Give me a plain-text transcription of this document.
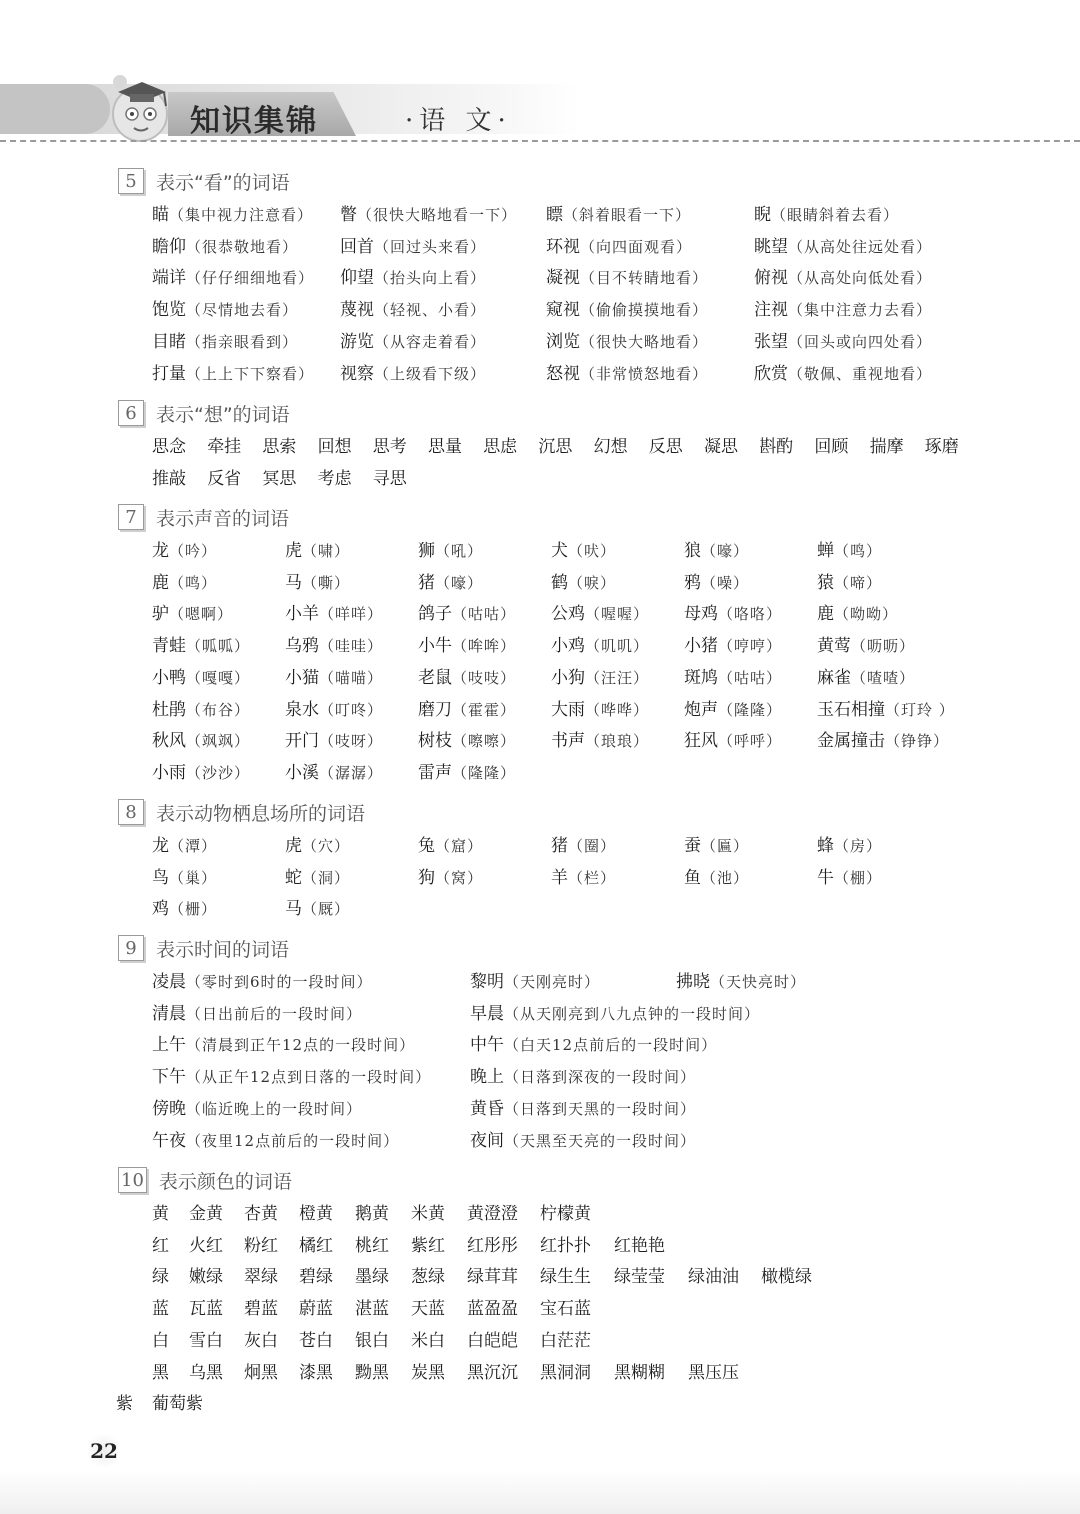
知识集锦	·语 文·
5	表示“看”的词语
瞄（集中视力注意看） 瞥（很快大略地看一下） 瞟（斜着眼看一下）	睨（眼睛斜着去看）
瞻仰（很恭敬地看） 回首（回过头来看）	环视（向四面观看）	眺望（从高处往远处看）
端详（仔仔细细地看） 仰望（抬头向上看）	凝视（目不转睛地看）	俯视（从高处向低处看）
饱览（尽情地去看） 蔑视（轻视、小看）	窥视（偷偷摸摸地看）	注视（集中注意力去看）
目睹（指亲眼看到） 游览（从容走着看）	浏览（很快大略地看）	张望（回头或向四处看）
打量（上上下下察看） 视察（上级看下级）	怒视（非常愤怒地看）	欣赏（敬佩、重视地看）
6	表示“想”的词语
思念 牵挂 思索 回想 思考 思量 思虑 沉思 幻想 反思 凝思 斟酌 回顾 揣摩 琢磨
推敲 反省 冥思 考虑 寻思
7	表示声音的词语
龙（吟）	虎（啸）	狮（吼）	犬（吠）	狼（嚎）	蝉（鸣）
鹿（鸣）	马（嘶）	猪（嚎）	鹤（唳）	鸦（噪）	猿（啼）
驴（嗯啊）	小羊（咩咩） 鸽子（咕咕） 公鸡（喔喔） 母鸡（咯咯） 鹿（呦呦）
青蛙（呱呱） 乌鸦（哇哇） 小牛（哞哞） 小鸡（叽叽） 小猪（哼哼） 黄莺（呖呖）
小鸭（嘎嘎） 小猫（喵喵） 老鼠（吱吱） 小狗（汪汪） 斑鸠（咕咕） 麻雀（喳喳）
杜鹃（布谷） 泉水（叮咚） 磨刀（霍霍） 大雨（哗哗） 炮声（隆隆） 玉石相撞（玎玲 ）
秋风（飒飒） 开门（吱呀） 树枝（嚓嚓） 书声（琅琅） 狂风（呼呼） 金属撞击（铮铮）
小雨（沙沙） 小溪（潺潺） 雷声（隆隆）
8	表示动物栖息场所的词语
龙（潭）	虎（穴）	兔（窟）	猪（圈）	蚕（匾）	蜂（房）
鸟（巢）	蛇（洞）	狗（窝）	羊（栏）	鱼（池）	牛（棚）
鸡（栅）	马（厩）
9	表示时间的词语
凌晨（零时到6时的一段时间）	黎明（天刚亮时）	拂晓（天快亮时）
清晨（日出前后的一段时间）	早晨（从天刚亮到八九点钟的一段时间）
上午（清晨到正午12点的一段时间）	中午（白天12点前后的一段时间）
下午（从正午12点到日落的一段时间） 晚上（日落到深夜的一段时间）
傍晚（临近晚上的一段时间）	黄昏（日落到天黑的一段时间）
午夜（夜里12点前后的一段时间）	夜间（天黑至天亮的一段时间）
10 表示颜色的词语
黄 金黄 杏黄 橙黄 鹅黄 米黄 黄澄澄 柠檬黄
红 火红 粉红 橘红 桃红 紫红 红彤彤 红扑扑 红艳艳
绿 嫩绿 翠绿 碧绿 墨绿 葱绿 绿茸茸 绿生生 绿莹莹 绿油油 橄榄绿
蓝 瓦蓝 碧蓝 蔚蓝 湛蓝 天蓝 蓝盈盈 宝石蓝
白 雪白 灰白 苍白 银白 米白 白皑皑 白茫茫
黑 乌黑 炯黑 漆黑 黝黑 炭黑 黑沉沉 黑洞洞 黑糊糊 黑压压
紫 葡萄紫
22
